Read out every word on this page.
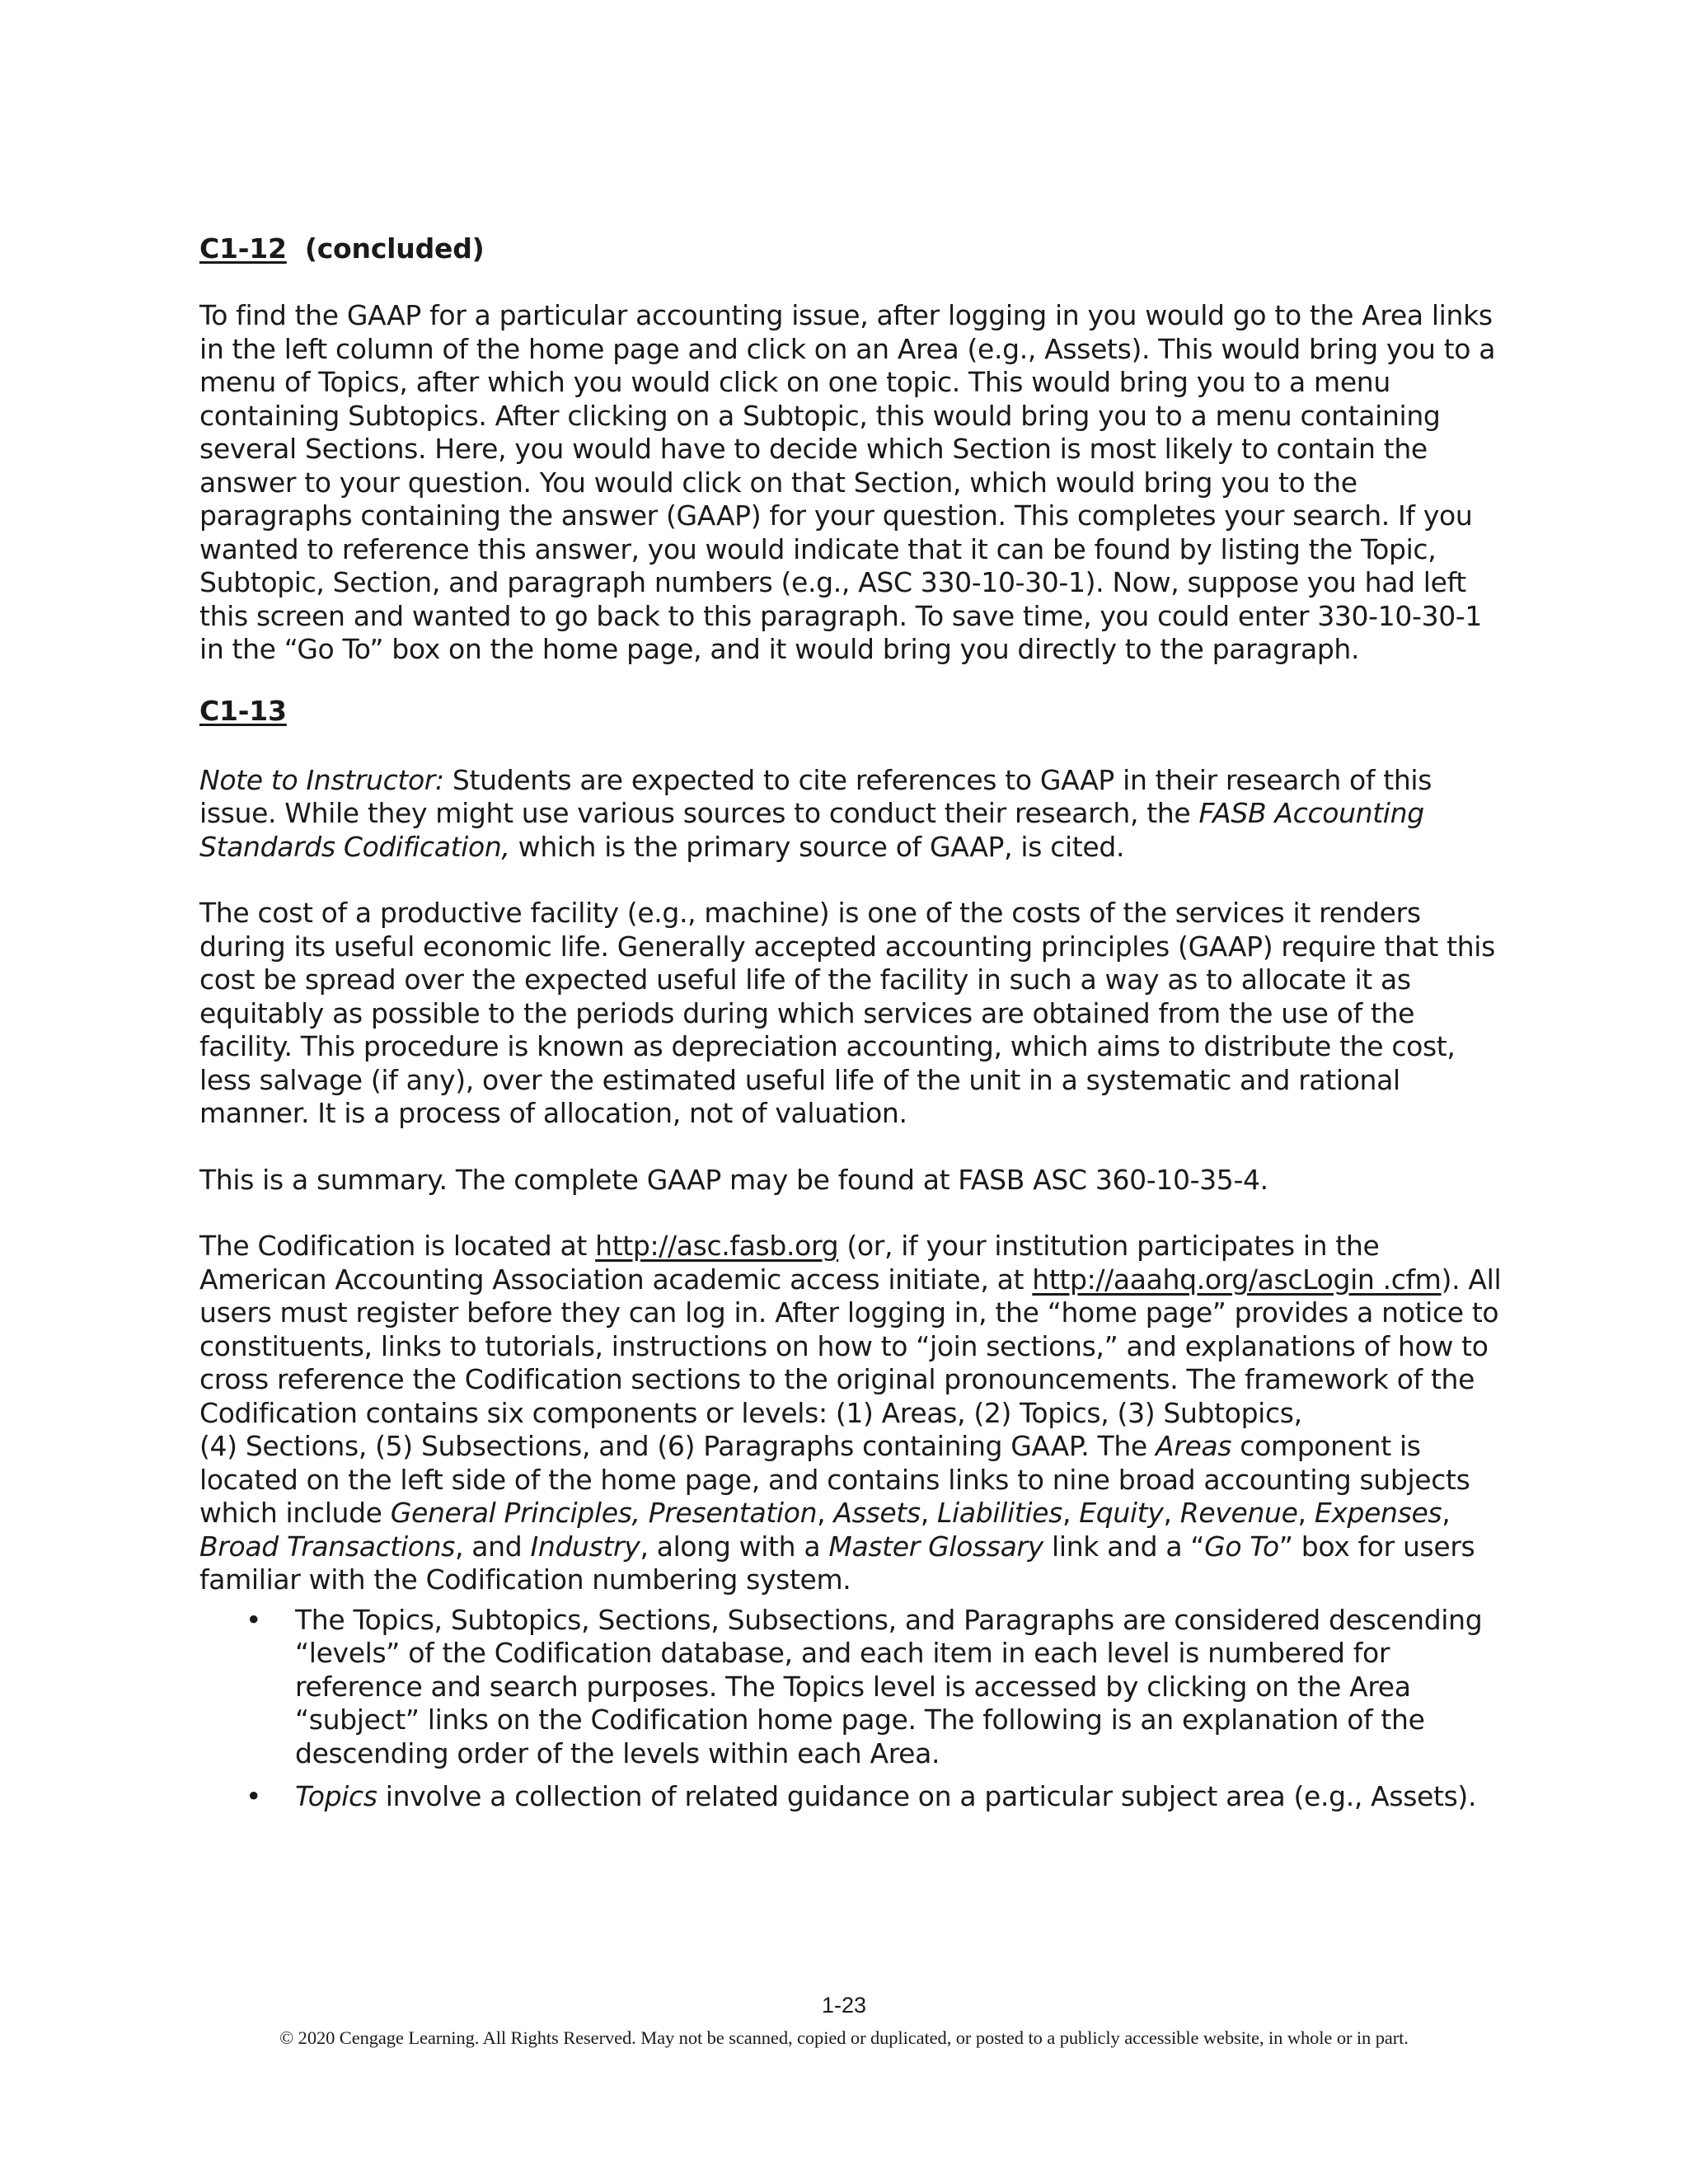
C1-12 (concluded)

To find the GAAP for a particular accounting issue, after logging in you would go to the Area links in the left column of the home page and click on an Area (e.g., Assets). This would bring you to a menu of Topics, after which you would click on one topic. This would bring you to a menu containing Subtopics. After clicking on a Subtopic, this would bring you to a menu containing several Sections. Here, you would have to decide which Section is most likely to contain the answer to your question. You would click on that Section, which would bring you to the paragraphs containing the answer (GAAP) for your question. This completes your search. If you wanted to reference this answer, you would indicate that it can be found by listing the Topic, Subtopic, Section, and paragraph numbers (e.g., ASC 330-10-30-1). Now, suppose you had left this screen and wanted to go back to this paragraph. To save time, you could enter 330-10-30-1 in the “Go To” box on the home page, and it would bring you directly to the paragraph.

C1-13

Note to Instructor: Students are expected to cite references to GAAP in their research of this issue. While they might use various sources to conduct their research, the FASB Accounting Standards Codification, which is the primary source of GAAP, is cited.

The cost of a productive facility (e.g., machine) is one of the costs of the services it renders during its useful economic life. Generally accepted accounting principles (GAAP) require that this cost be spread over the expected useful life of the facility in such a way as to allocate it as equitably as possible to the periods during which services are obtained from the use of the facility. This procedure is known as depreciation accounting, which aims to distribute the cost, less salvage (if any), over the estimated useful life of the unit in a systematic and rational manner. It is a process of allocation, not of valuation.

This is a summary. The complete GAAP may be found at FASB ASC 360-10-35-4.

The Codification is located at http://asc.fasb.org (or, if your institution participates in the American Accounting Association academic access initiate, at http://aaahq.org/ascLogin .cfm). All users must register before they can log in. After logging in, the “home page” provides a notice to constituents, links to tutorials, instructions on how to “join sections,” and explanations of how to cross reference the Codification sections to the original pronouncements. The framework of the Codification contains six components or levels: (1) Areas, (2) Topics, (3) Subtopics,
(4) Sections, (5) Subsections, and (6) Paragraphs containing GAAP. The Areas component is located on the left side of the home page, and contains links to nine broad accounting subjects which include General Principles, Presentation, Assets, Liabilities, Equity, Revenue, Expenses, Broad Transactions, and Industry, along with a Master Glossary link and a “Go To” box for users familiar with the Codification numbering system.

• The Topics, Subtopics, Sections, Subsections, and Paragraphs are considered descending “levels” of the Codification database, and each item in each level is numbered for reference and search purposes. The Topics level is accessed by clicking on the Area “subject” links on the Codification home page. The following is an explanation of the descending order of the levels within each Area.
• Topics involve a collection of related guidance on a particular subject area (e.g., Assets).
1-23
© 2020 Cengage Learning. All Rights Reserved. May not be scanned, copied or duplicated, or posted to a publicly accessible website, in whole or in part.
